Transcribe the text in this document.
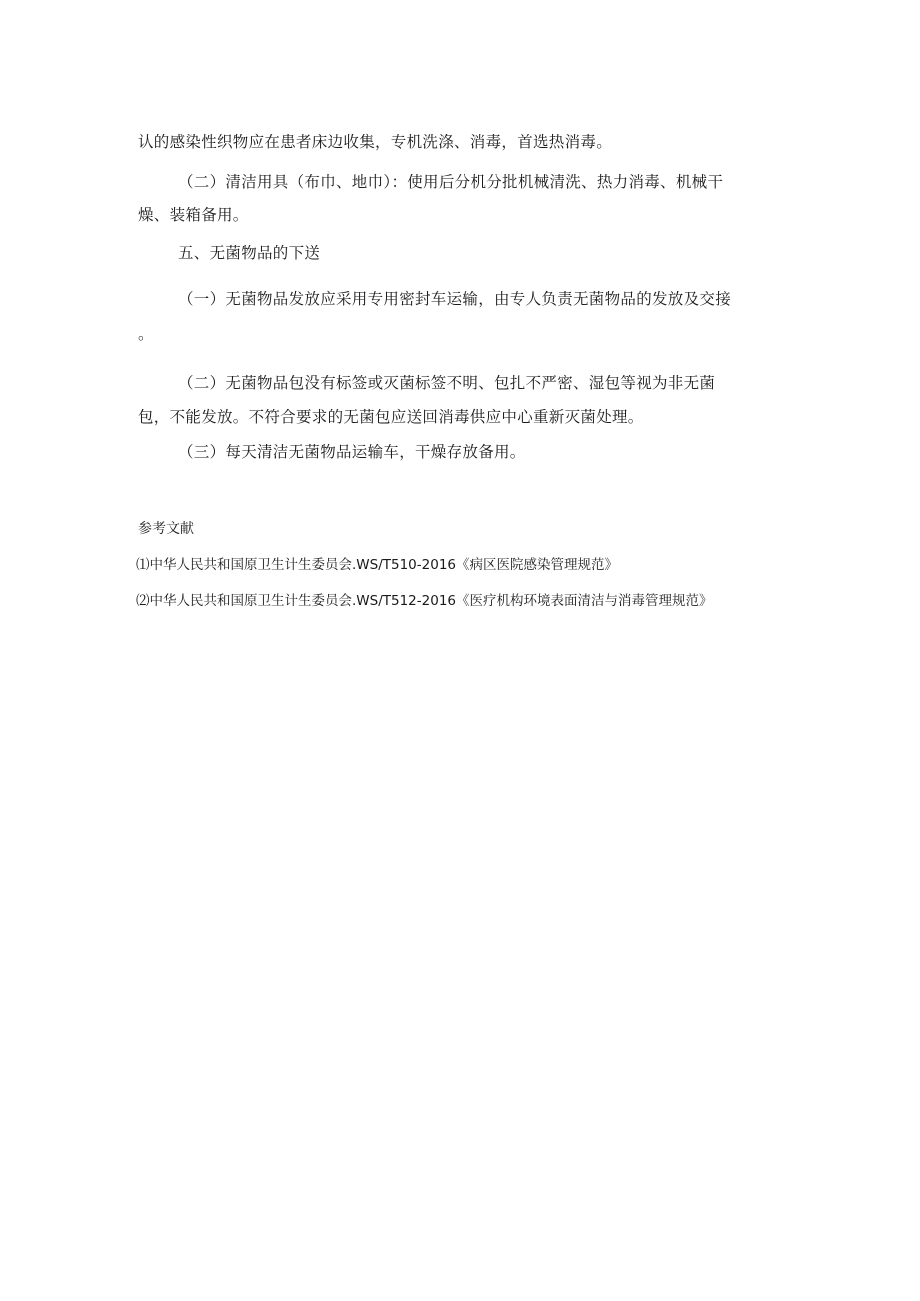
认的感染性织物应在患者床边收集，专机洗涤、消毒，首选热消毒。
（二）清洁用具（布巾、地巾）：使用后分机分批机械清洗、热力消毒、机械干
燥、装箱备用。
五、无菌物品的下送
（一）无菌物品发放应采用专用密封车运输，由专人负责无菌物品的发放及交接
。
（二）无菌物品包没有标签或灭菌标签不明、包扎不严密、湿包等视为非无菌
包，不能发放。不符合要求的无菌包应送回消毒供应中心重新灭菌处理。
（三）每天清洁无菌物品运输车，干燥存放备用。
参考文献
⑴中华人民共和国原卫生计生委员会.WS/T510-2016《病区医院感染管理规范》
⑵中华人民共和国原卫生计生委员会.WS/T512-2016《医疗机构环境表面清洁与消毒管理规范》
